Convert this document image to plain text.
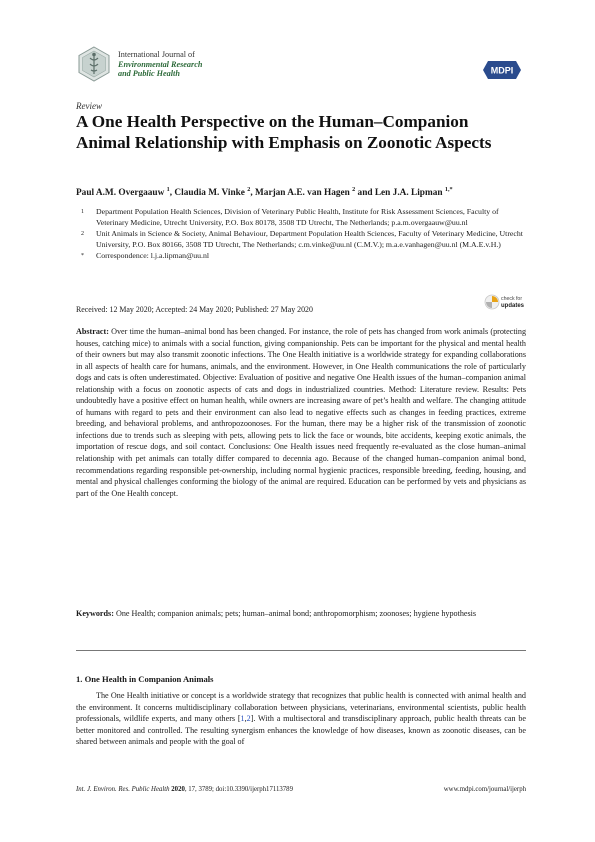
International Journal of
Environmental Research
and Public Health	MDPI
Review
A One Health Perspective on the Human–Companion Animal Relationship with Emphasis on Zoonotic Aspects
Paul A.M. Overgaauw $^1$, Claudia M. Vinke $^2$, Marjan A.E. van Hagen $^2$ and Len J.A. Lipman $^{1,*}$
1 Department Population Health Sciences, Division of Veterinary Public Health, Institute for Risk Assessment Sciences, Faculty of Veterinary Medicine, Utrecht University, P.O. Box 80178, 3508 TD Utrecht, The Netherlands; p.a.m.overgaauw@uu.nl
2 Unit Animals in Science & Society, Animal Behaviour, Department Population Health Sciences, Faculty of Veterinary Medicine, Utrecht University, P.O. Box 80166, 3508 TD Utrecht, The Netherlands; c.m.vinke@uu.nl (C.M.V.); m.a.e.vanhagen@uu.nl (M.A.E.v.H.)
* Correspondence: l.j.a.lipman@uu.nl
Received: 12 May 2020; Accepted: 24 May 2020; Published: 27 May 2020
check for
updates
Abstract: Over time the human–animal bond has been changed. For instance, the role of pets has changed from work animals (protecting houses, catching mice) to animals with a social function, giving companionship. Pets can be important for the physical and mental health of their owners but may also transmit zoonotic infections. The One Health initiative is a worldwide strategy for expanding collaborations in all aspects of health care for humans, animals, and the environment. However, in One Health communications the role of particularly dogs and cats is often underestimated. Objective: Evaluation of positive and negative One Health issues of the human–companion animal relationship with a focus on zoonotic aspects of cats and dogs in industrialized countries. Method: Literature review. Results: Pets undoubtedly have a positive effect on human health, while owners are increasing aware of pet’s health and welfare. The changing attitude of humans with regard to pets and their environment can also lead to negative effects such as changes in feeding practices, extreme breeding, and behavioral problems, and anthropozoonoses. For the human, there may be a higher risk of the transmission of zoonotic infections due to trends such as sleeping with pets, allowing pets to lick the face or wounds, bite accidents, keeping exotic animals, the importation of rescue dogs, and soil contact. Conclusions: One Health issues need frequently re-evaluated as the close human–animal relationship with pet animals can totally differ compared to decennia ago. Because of the changed human–companion animal bond, recommendations regarding responsible pet-ownership, including normal hygienic practices, responsible breeding, feeding, housing, and mental and physical challenges conforming the biology of the animal are required. Education can be performed by vets and physicians as part of the One Health concept.
Keywords: One Health; companion animals; pets; human–animal bond; anthropomorphism; zoonoses; hygiene hypothesis
1. One Health in Companion Animals
The One Health initiative or concept is a worldwide strategy that recognizes that public health is connected with animal health and the environment. It concerns multidisciplinary collaboration between physicians, veterinarians, environmental scientists, public health professionals, wildlife experts, and many others [1,2]. With a multisectoral and transdisciplinary approach, public health threats can be better monitored and controlled. The resulting synergism enhances the knowledge of how diseases, known as zoonotic diseases, can be shared between animals and people with the goal of
Int. J. Environ. Res. Public Health 2020, 17, 3789; doi:10.3390/ijerph17113789	www.mdpi.com/journal/ijerph
